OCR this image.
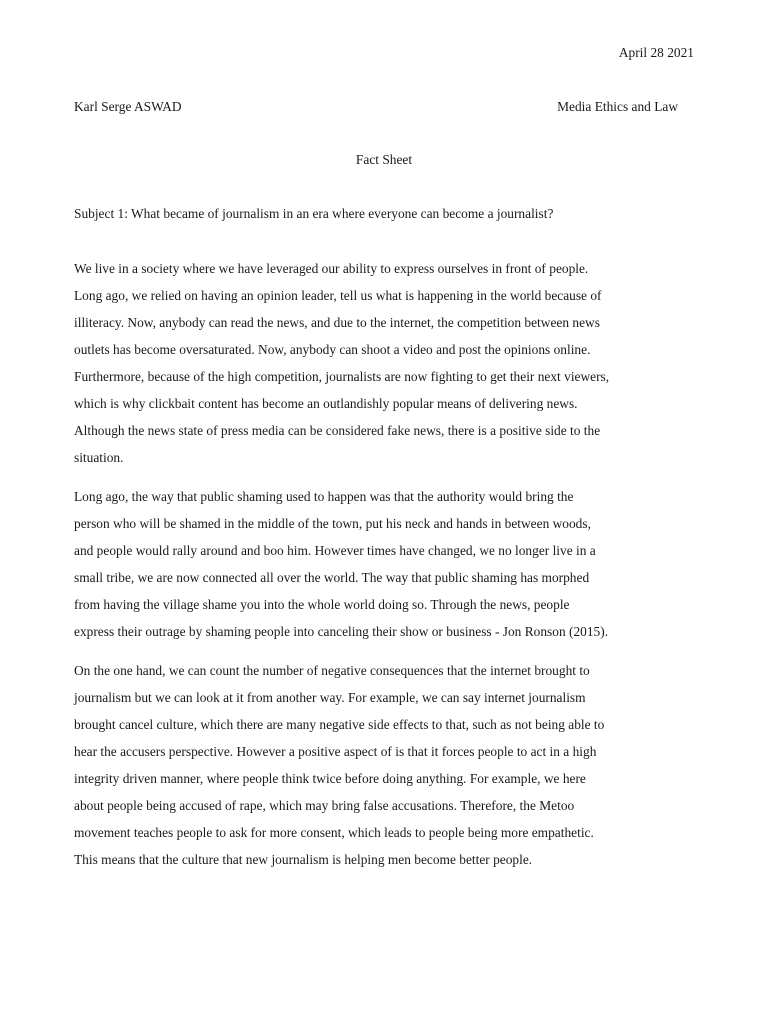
April 28 2021
Karl Serge ASWAD	Media Ethics and Law
Fact Sheet
Subject 1: What became of journalism in an era where everyone can become a journalist?
We live in a society where we have leveraged our ability to express ourselves in front of people.
Long ago, we relied on having an opinion leader, tell us what is happening in the world because of
illiteracy. Now, anybody can read the news, and due to the internet, the competition between news
outlets has become oversaturated. Now, anybody can shoot a video and post the opinions online.
Furthermore, because of the high competition, journalists are now fighting to get their next viewers,
which is why clickbait content has become an outlandishly popular means of delivering news.
Although the news state of press media can be considered fake news, there is a positive side to the
situation.
Long ago, the way that public shaming used to happen was that the authority would bring the
person who will be shamed in the middle of the town, put his neck and hands in between woods,
and people would rally around and boo him. However times have changed, we no longer live in a
small tribe, we are now connected all over the world. The way that public shaming has morphed
from having the village shame you into the whole world doing so. Through the news, people
express their outrage by shaming people into canceling their show or business - Jon Ronson (2015).
On the one hand, we can count the number of negative consequences that the internet brought to
journalism but we can look at it from another way. For example, we can say internet journalism
brought cancel culture, which there are many negative side effects to that, such as not being able to
hear the accusers perspective. However a positive aspect of is that it forces people to act in a high
integrity driven manner, where people think twice before doing anything. For example, we here
about people being accused of rape, which may bring false accusations. Therefore, the Metoo
movement teaches people to ask for more consent, which leads to people being more empathetic.
This means that the culture that new journalism is helping men become better people.
